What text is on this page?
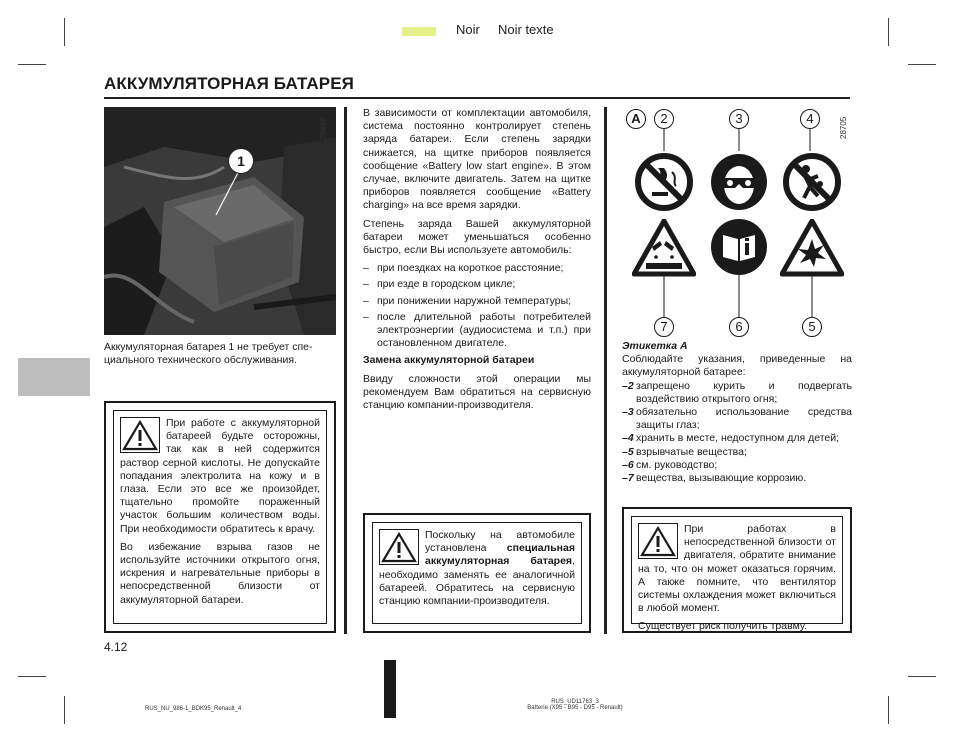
Noir Noir texte
АККУМУЛЯТОРНАЯ БАТАРЕЯ
1
29448
Аккумуляторная батарея 1 не требует спе-
циального технического обслуживания.

При работе с аккумуляторной батареей будьте осторожны, так как в ней содержится раствор серной кислоты. Не допускайте попадания электролита на кожу и в глаза. Если это все же произойдет, тщательно промойте пораженный участок большим количеством воды. При необходимости обратитесь к врачу.

Во избежание взрыва газов не используйте источники открытого огня, искрения и нагревательные приборы в непосредственной близости от аккумуляторной батареи.

В зависимости от комплектации автомобиля, система постоянно контролирует степень заряда батареи. Если степень зарядки снижается, на щитке приборов появляется сообщение «Battery low start engine». В этом случае, включите двигатель. Затем на щитке приборов появляется сообщение «Battery charging» на все время зарядки.

Степень заряда Вашей аккумуляторной батареи может уменьшаться особенно быстро, если Вы используете автомобиль:

– при поездках на короткое расстояние;
– при езде в городском цикле;
– при понижении наружной температуры;
– после длительной работы потребителей электроэнергии (аудиосистема и т.п.) при остановленном двигателе.

Замена аккумуляторной батареи

Ввиду сложности этой операции мы рекомендуем Вам обратиться на сервисную станцию компании-производителя.

Поскольку на автомобиле установлена специальная аккумуляторная батарея, необходимо заменять ее аналогичной батареей. Обратитесь на сервисную станцию компании-производителя.

A	2	3	4	28705
7	6	5
Этикетка A
Соблюдайте указания, приведенные на аккумуляторной батарее:
–2 запрещено курить и подвергать воздействию открытого огня;
–3 обязательно использование средства защиты глаз;
–4 хранить в месте, недоступном для детей;
–5 взрывчатые вещества;
–6 см. руководство;
–7 вещества, вызывающие коррозию.

При работах в непосредственной близости от двигателя, обратите внимание на то, что он может оказаться горячим. А также помните, что вентилятор системы охлаждения может включиться в любой момент.

Существует риск получить травму.

4.12
RUS_NU_986-1_BDK95_Renault_4
RUS_UD11763_3
Batterie (X95 - B95 - D95 - Renault)
